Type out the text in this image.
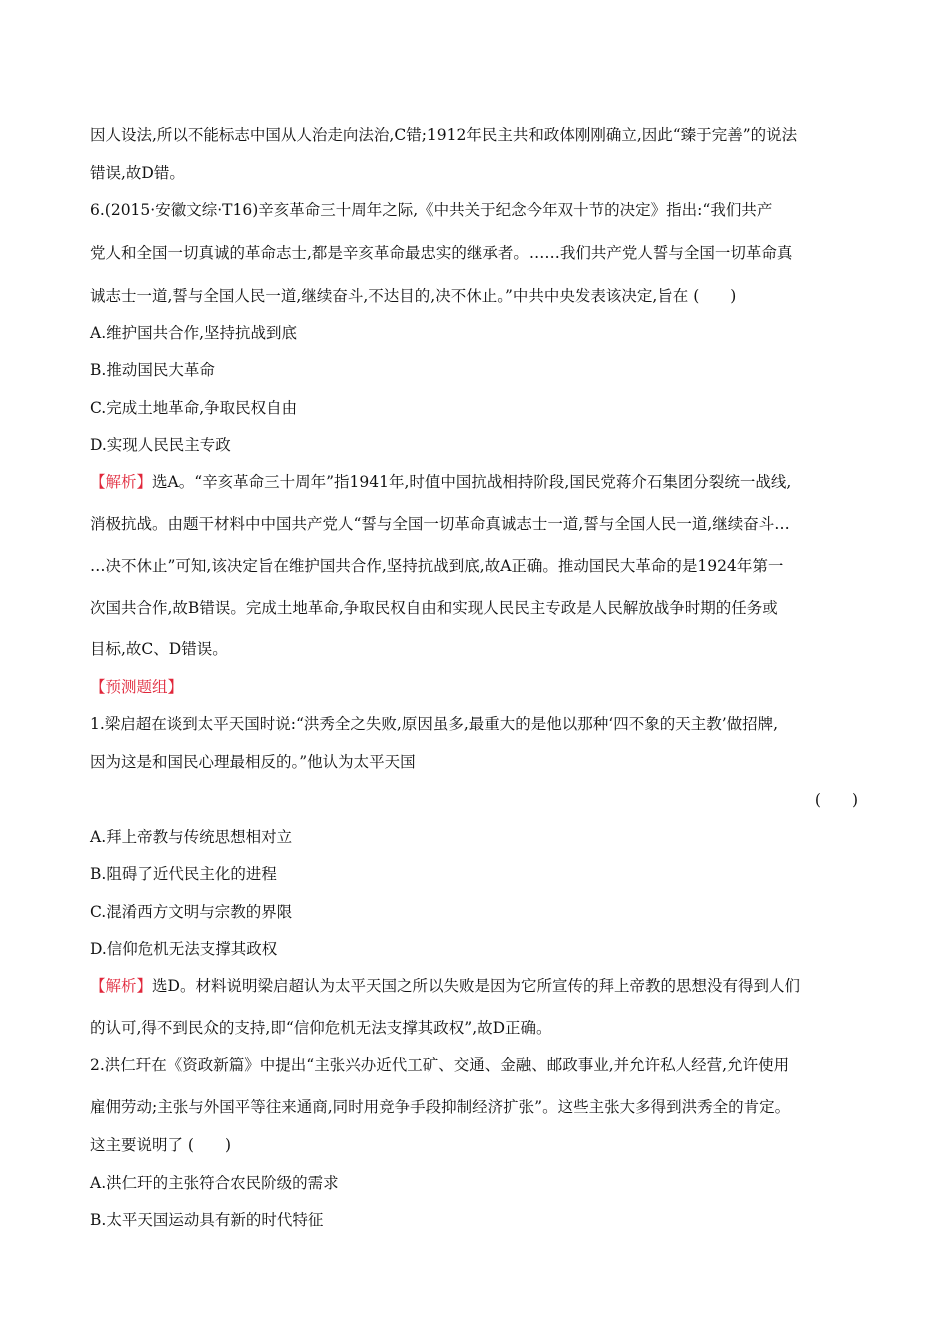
因人设法,所以不能标志中国从人治走向法治,C错;1912年民主共和政体刚刚确立,因此“臻于完善”的说法
错误,故D错。
6.(2015·安徽文综·T16)辛亥革命三十周年之际,《中共关于纪念今年双十节的决定》指出:“我们共产
党人和全国一切真诚的革命志士,都是辛亥革命最忠实的继承者。……我们共产党人誓与全国一切革命真
诚志士一道,誓与全国人民一道,继续奋斗,不达目的,决不休止。”中共中央发表该决定,旨在 (　　)
A.维护国共合作,坚持抗战到底
B.推动国民大革命
C.完成土地革命,争取民权自由
D.实现人民民主专政
【解析】选A。“辛亥革命三十周年”指1941年,时值中国抗战相持阶段,国民党蒋介石集团分裂统一战线,
消极抗战。由题干材料中中国共产党人“誓与全国一切革命真诚志士一道,誓与全国人民一道,继续奋斗…
…决不休止”可知,该决定旨在维护国共合作,坚持抗战到底,故A正确。推动国民大革命的是1924年第一
次国共合作,故B错误。完成土地革命,争取民权自由和实现人民民主专政是人民解放战争时期的任务或
目标,故C、D错误。
【预测题组】
1.梁启超在谈到太平天国时说:“洪秀全之失败,原因虽多,最重大的是他以那种‘四不象的天主教’做招牌,
因为这是和国民心理最相反的。”他认为太平天国
(　　)
A.拜上帝教与传统思想相对立
B.阻碍了近代民主化的进程
C.混淆西方文明与宗教的界限
D.信仰危机无法支撑其政权
【解析】选D。材料说明梁启超认为太平天国之所以失败是因为它所宣传的拜上帝教的思想没有得到人们
的认可,得不到民众的支持,即“信仰危机无法支撑其政权”,故D正确。
2.洪仁玕在《资政新篇》中提出“主张兴办近代工矿、交通、金融、邮政事业,并允许私人经营,允许使用
雇佣劳动;主张与外国平等往来通商,同时用竞争手段抑制经济扩张”。这些主张大多得到洪秀全的肯定。
这主要说明了 (　　)
A.洪仁玕的主张符合农民阶级的需求
B.太平天国运动具有新的时代特征
